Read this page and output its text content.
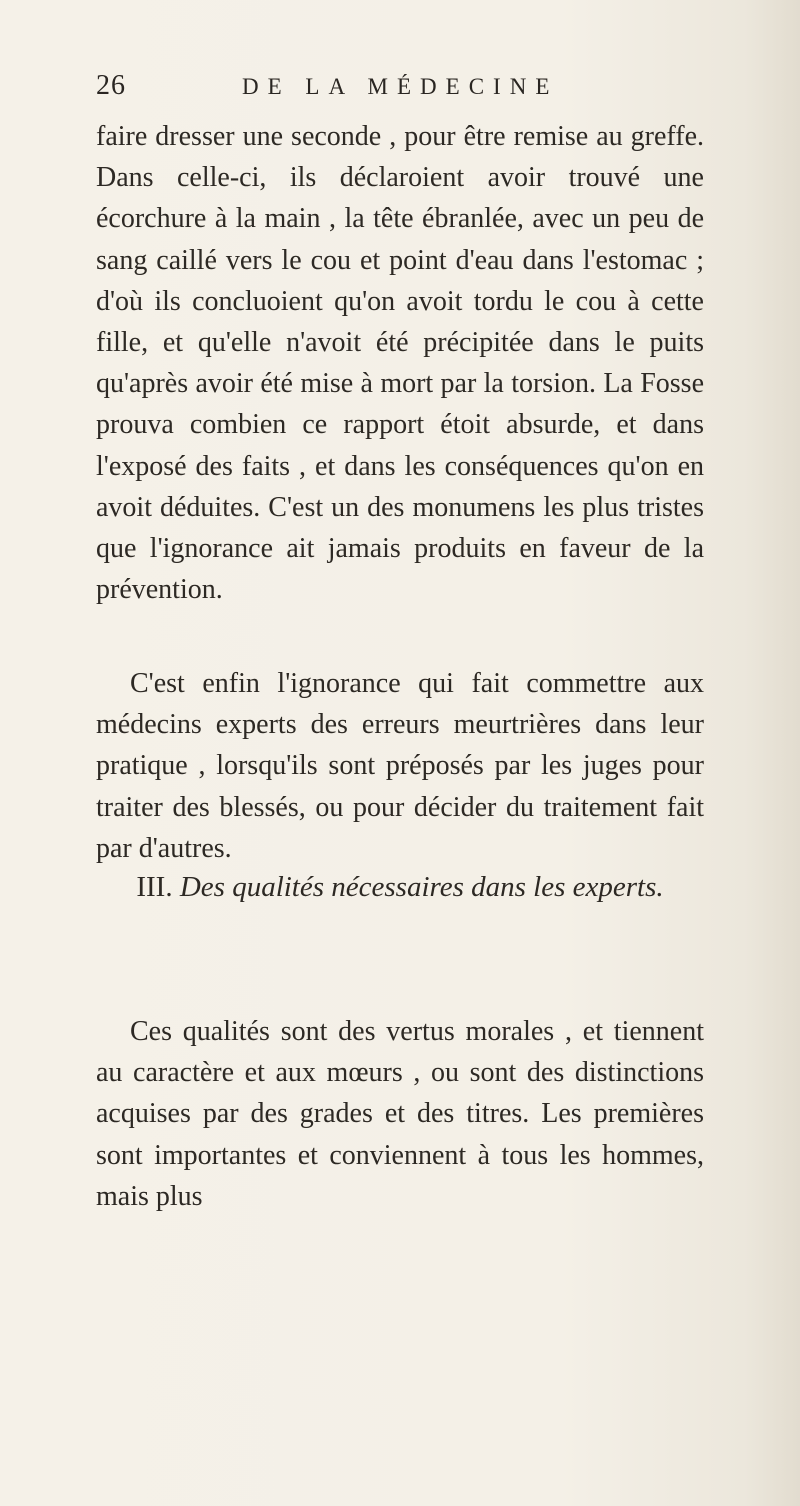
26	DE LA MÉDECINE

faire dresser une seconde , pour être remise au greffe. Dans celle-ci, ils déclaroient avoir trouvé une écorchure à la main , la tête ébranlée, avec un peu de sang caillé vers le cou et point d'eau dans l'estomac ; d'où ils concluoient qu'on avoit tordu le cou à cette fille, et qu'elle n'avoit été précipitée dans le puits qu'après avoir été mise à mort par la torsion. La Fosse prouva combien ce rapport étoit absurde, et dans l'exposé des faits , et dans les conséquences qu'on en avoit déduites. C'est un des monumens les plus tristes que l'ignorance ait jamais produits en faveur de la prévention.

C'est enfin l'ignorance qui fait commettre aux médecins experts des erreurs meurtrières dans leur pratique , lorsqu'ils sont préposés par les juges pour traiter des blessés, ou pour décider du traitement fait par d'autres.

III. Des qualités nécessaires dans les experts.

Ces qualités sont des vertus morales , et tiennent au caractère et aux mœurs , ou sont des distinctions acquises par des grades et des titres. Les premières sont importantes et conviennent à tous les hommes, mais plus
